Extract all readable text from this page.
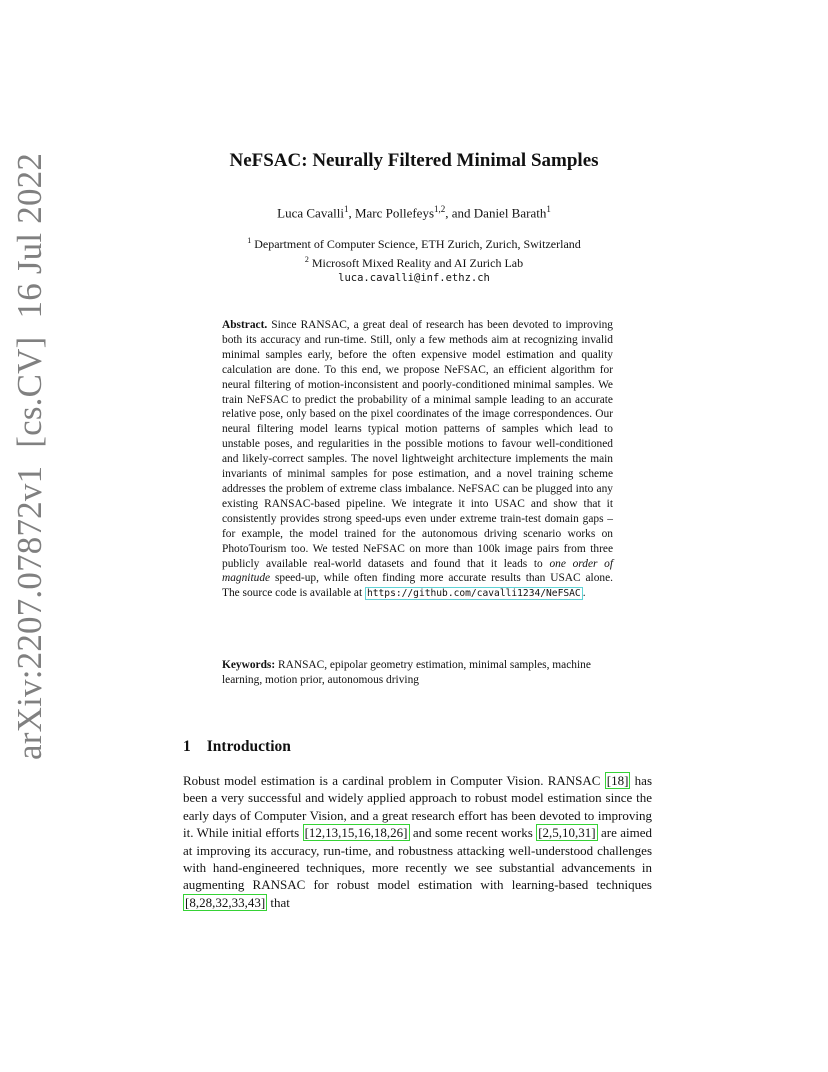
arXiv:2207.07872v1[cs.CV]16 Jul 2022	NeFSAC: Neurally Filtered Minimal Samples
Luca Cavalli$^1$, Marc Pollefeys$^{1,2}$, and Daniel Barath$^1$
$^1$ Department of Computer Science, ETH Zurich, Zurich, Switzerland
$^2$ Microsoft Mixed Reality and AI Zurich Lab
luca.cavalli@inf.ethz.ch
Abstract. Since RANSAC, a great deal of research has been devoted to improving both its accuracy and run-time. Still, only a few methods aim at recognizing invalid minimal samples early, before the often expensive model estimation and quality calculation are done. To this end, we propose NeFSAC, an efficient algorithm for neural filtering of motion-inconsistent and poorly-conditioned minimal samples. We train NeFSAC to predict the probability of a minimal sample leading to an accurate relative pose, only based on the pixel coordinates of the image correspondences. Our neural filtering model learns typical motion patterns of samples which lead to unstable poses, and regularities in the possible motions to favour well-conditioned and likely-correct samples. The novel lightweight architecture implements the main invariants of minimal samples for pose estimation, and a novel training scheme addresses the problem of extreme class imbalance. NeFSAC can be plugged into any existing RANSAC-based pipeline. We integrate it into USAC and show that it consistently provides strong speed-ups even under extreme train-test domain gaps – for example, the model trained for the autonomous driving scenario works on PhotoTourism too. We tested NeFSAC on more than 100k image pairs from three publicly available real-world datasets and found that it leads to one order of magnitude speed-up, while often finding more accurate results than USAC alone. The source code is available at https://github.com/cavalli1234/NeFSAC .
Keywords: RANSAC, epipolar geometry estimation, minimal samples, machine learning, motion prior, autonomous driving
1 Introduction
Robust model estimation is a cardinal problem in Computer Vision. RANSAC [18] has been a very successful and widely applied approach to robust model estimation since the early days of Computer Vision, and a great research effort has been devoted to improving it. While initial efforts [12,13,15,16,18,26] and some recent works [2,5,10,31] are aimed at improving its accuracy, run-time, and robustness attacking well-understood challenges with hand-engineered techniques, more recently we see substantial advancements in augmenting RANSAC for robust model estimation with learning-based techniques [8,28,32,33,43] that
